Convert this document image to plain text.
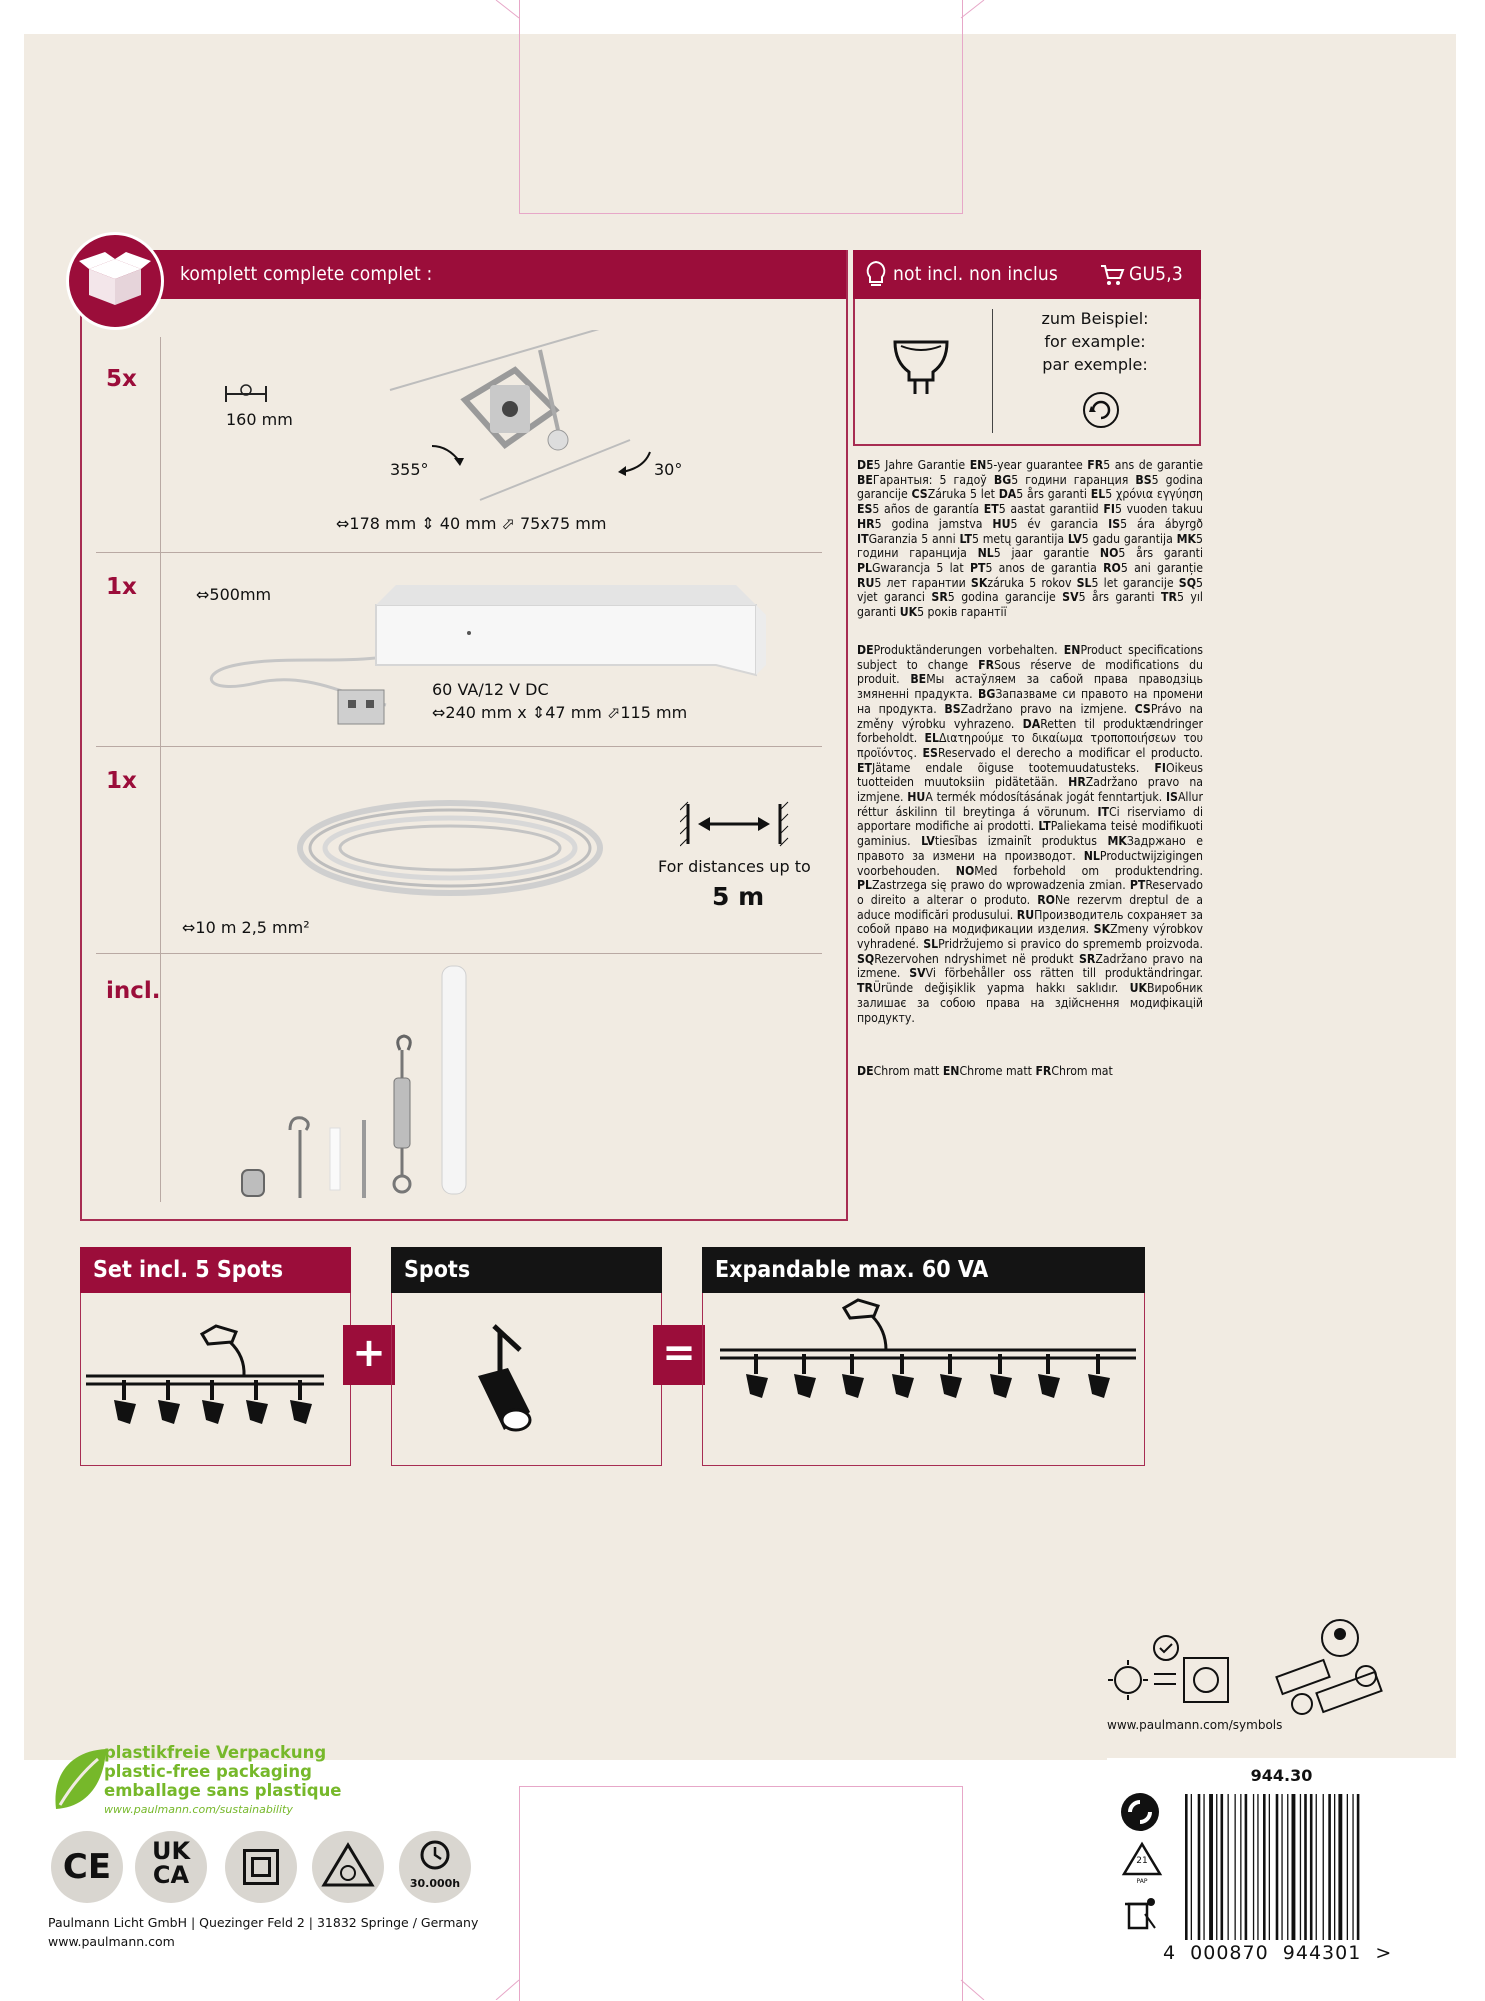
komplett complete complet :
5x
160 mm
355°	30°
⇔178 mm ⇕ 40 mm ⬀ 75x75 mm
1x	⇔500mm
60 VA/12 V DC
⇔240 mm x ⇕47 mm ⬀115 mm
1x
For distances up to
5 m
⇔10 m 2,5 mm²
incl.
not incl. non inclus	GU5,3
zum Beispiel:
for example:
par exemple:
DE5 Jahre Garantie EN5-year guarantee FR5 ans de garantie BEГарантыя: 5 гадоў BG5 години гаранция BS5 godina garancije CSZáruka 5 let DA5 års garanti EL5 χρόνια εγγύηση ES5 años de garantía ET5 aastat garantiid FI5 vuoden takuu HR5 godina jamstva HU5 év garancia IS5 ára ábyrgð ITGaranzia 5 anni LT5 metų garantija LV5 gadu garantija MK5 години гаранција NL5 jaar garantie NO5 års garanti PLGwarancja 5 lat PT5 anos de garantia RO5 ani garanție RU5 лет гарантии SKzáruka 5 rokov SL5 let garancije SQ5 vjet garanci SR5 godina garancije SV5 års garanti TR5 yıl garanti UK5 років гарантії
DEProduktänderungen vorbehalten. ENProduct specifications subject to change FRSous réserve de modifications du produit. BEМы астаўляем за сабой права праводзіць змяненні прадукта. BGЗапазваме си правото на промени на продукта. BSZadržano pravo na izmjene. CSPrávo na změny výrobku vyhrazeno. DARetten til produktændringer forbeholdt. ELΔιατηρούμε το δικαίωμα τροποποιήσεων του προϊόντος. ESReservado el derecho a modificar el producto. ETJätame endale õiguse tootemuudatusteks. FIOikeus tuotteiden muutoksiin pidätetään. HRZadržano pravo na izmjene. HUA termék módosításának jogát fenntartjuk. ISAllur réttur áskilinn til breytinga á vörunum. ITCi riserviamo di apportare modifiche ai prodotti. LTPaliekama teisė modifikuoti gaminius. LVtiesības izmainīt produktus MKЗадржано е правото за измени на производот. NLProductwijzigingen voorbehouden. NOMed forbehold om produktendring. PLZastrzega się prawo do wprowadzenia zmian. PTReservado o direito a alterar o produto. RONe rezervm dreptul de a aduce modificări produsului. RUПроизводитель сохраняет за собой право на модификации изделия. SKZmeny výrobkov vyhradené. SLPridržujemo si pravico do sprememb proizvoda. SQRezervohen ndryshimet në produkt SRZadržano pravo na izmene. SVVi förbehåller oss rätten till produktändringar. TRÜründe değişiklik yapma hakkı saklıdır. UKВиробник залишає за собою права на здійснення модифікацій продукту.
DEChrom matt ENChrome matt FRChrom mat
Set incl. 5 Spots
+
Spots
=
Expandable max. 60 VA
www.paulmann.com/symbols
plastikfreie Verpackung
plastic-free packaging
emballage sans plastique
www.paulmann.com/sustainability
CE	UK
CA	30.000h
Paulmann Licht GmbH | Quezinger Feld 2 | 31832 Springe / Germany
www.paulmann.com
944.30
21
PAP
4  000870  944301  >
